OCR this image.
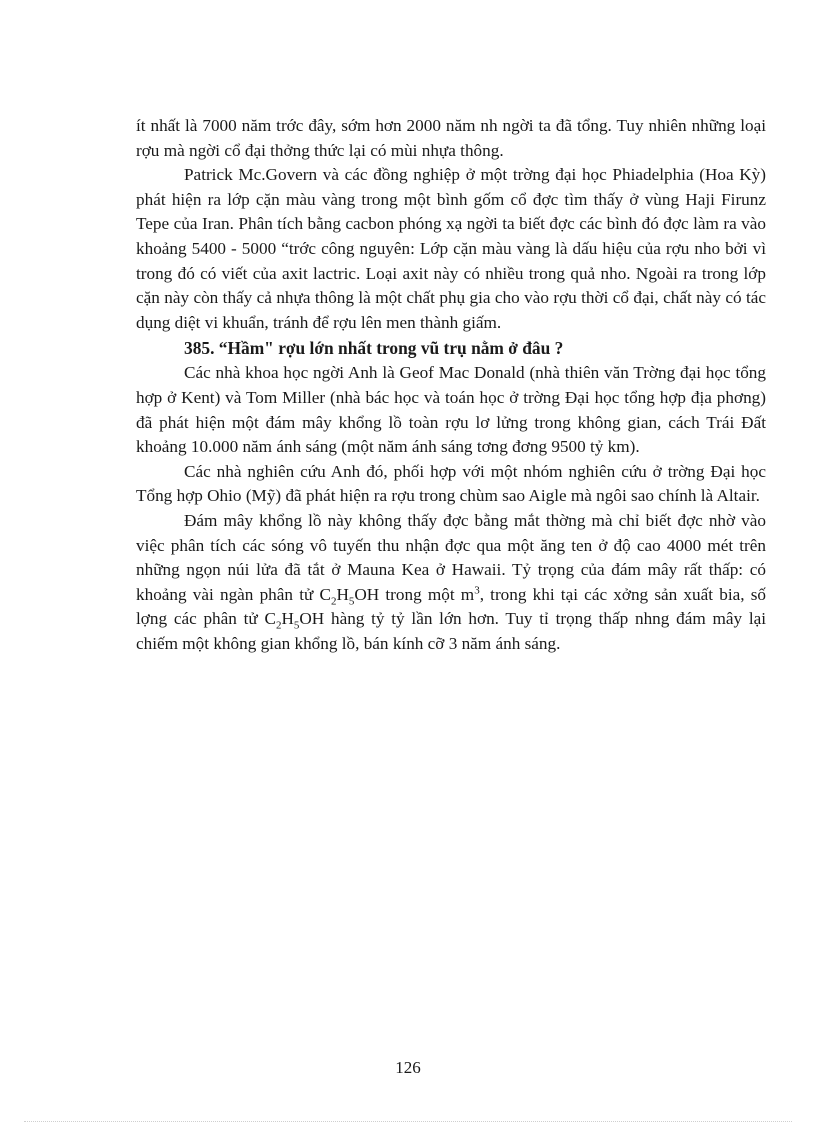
ít nhất là 7000 năm trớc đây, sớm hơn 2000 năm nh ngời ta đã tổng. Tuy nhiên những loại rợu mà ngời cổ đại thởng thức lại có mùi nhựa thông.

Patrick Mc.Govern và các đồng nghiệp ở một trờng đại học Phiadelphia (Hoa Kỳ) phát hiện ra lớp cặn màu vàng trong một bình gốm cổ đợc tìm thấy ở vùng Haji Firunz Tepe của Iran. Phân tích bằng cacbon phóng xạ ngời ta biết đợc các bình đó đợc làm ra vào khoảng 5400 - 5000 “trớc công nguyên: Lớp cặn màu vàng là dấu hiệu của rợu nho bởi vì trong đó có viết của axit lactric. Loại axit này có nhiều trong quả nho. Ngoài ra trong lớp cặn này còn thấy cả nhựa thông là một chất phụ gia cho vào rợu thời cổ đại, chất này có tác dụng diệt vi khuẩn, tránh để rợu lên men thành giấm.

385. “Hầm" rợu lớn nhất trong vũ trụ nằm ở đâu ?

Các nhà khoa học ngời Anh là Geof Mac Donald (nhà thiên văn Trờng đại học tổng hợp ở Kent) và Tom Miller (nhà bác học và toán học ở trờng Đại học tổng hợp địa phơng) đã phát hiện một đám mây khổng lồ toàn rợu lơ lửng trong không gian, cách Trái Đất khoảng 10.000 năm ánh sáng (một năm ánh sáng tơng đơng 9500 tỷ km).

Các nhà nghiên cứu Anh đó, phối hợp với một nhóm nghiên cứu ở trờng Đại học Tổng hợp Ohio (Mỹ) đã phát hiện ra rợu trong chùm sao Aigle mà ngôi sao chính là Altair.

Đám mây khổng lồ này không thấy đợc bằng mắt thờng mà chỉ biết đợc nhờ vào việc phân tích các sóng vô tuyến thu nhận đợc qua một ăng ten ở độ cao 4000 mét trên những ngọn núi lửa đã tắt ở Mauna Kea ở Hawaii. Tỷ trọng của đám mây rất thấp: có khoảng vài ngàn phân tử $C_2H_5OH$ trong một $m^3$, trong khi tại các xởng sản xuất bia, số lợng các phân tử $C_2H_5OH$ hàng tỷ tỷ lần lớn hơn. Tuy tỉ trọng thấp nhng đám mây lại chiếm một không gian khổng lồ, bán kính cỡ 3 năm ánh sáng.

126
